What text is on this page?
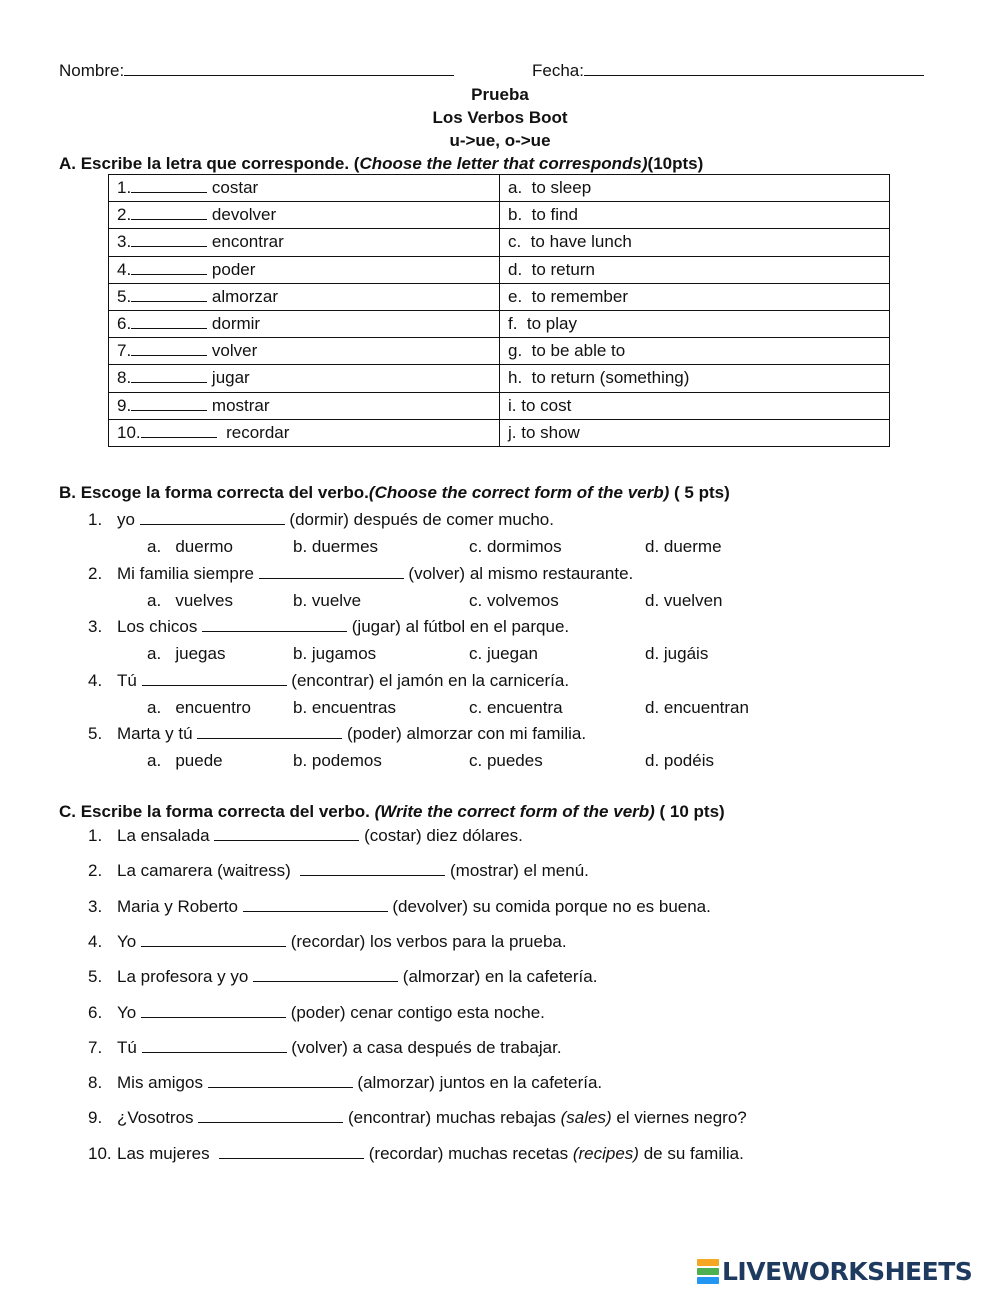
Nombre:	Fecha:
Prueba
Los Verbos Boot
u->ue, o->ue
A. Escribe la letra que corresponde. (Choose the letter that corresponds)(10pts)
1. costar	a.  to sleep
2. devolver	b.  to find
3. encontrar	c.  to have lunch
4. poder	d.  to return
5. almorzar	e.  to remember
6. dormir	f.  to play
7. volver	g.  to be able to
8. jugar	h.  to return (something)
9. mostrar	i. to cost
10. recordar	j. to show
B. Escoge la forma correcta del verbo.(Choose the correct form of the verb) ( 5 pts)
1. yo	(dormir) después de comer mucho.
a.   duermo	b. duermes	c. dormimos	d. duerme
2. Mi familia siempre	(volver) al mismo restaurante.
a.   vuelves	b. vuelve	c. volvemos	d. vuelven
3. Los chicos	(jugar) al fútbol en el parque.
a.   juegas	b. jugamos	c. juegan	d. jugáis
4. Tú	(encontrar) el jamón en la carnicería.
a.   encuentro b. encuentras	c. encuentra	d. encuentran
5. Marta y tú	(poder) almorzar con mi familia.
a.   puede	b. podemos	c. puedes	d. podéis
C. Escribe la forma correcta del verbo. (Write the correct form of the verb) ( 10 pts)
1. La ensalada	(costar) diez dólares.
2. La camarera (waitress)	(mostrar) el menú.
3. Maria y Roberto	(devolver) su comida porque no es buena.
4. Yo	(recordar) los verbos para la prueba.
5. La profesora y yo	(almorzar) en la cafetería.
6. Yo	(poder) cenar contigo esta noche.
7. Tú	(volver) a casa después de trabajar.
8. Mis amigos	(almorzar) juntos en la cafetería.
9. ¿Vosotros	(encontrar) muchas rebajas (sales) el viernes negro?
10. Las mujeres	(recordar) muchas recetas (recipes) de su familia.
LIVEWORKSHEETS
